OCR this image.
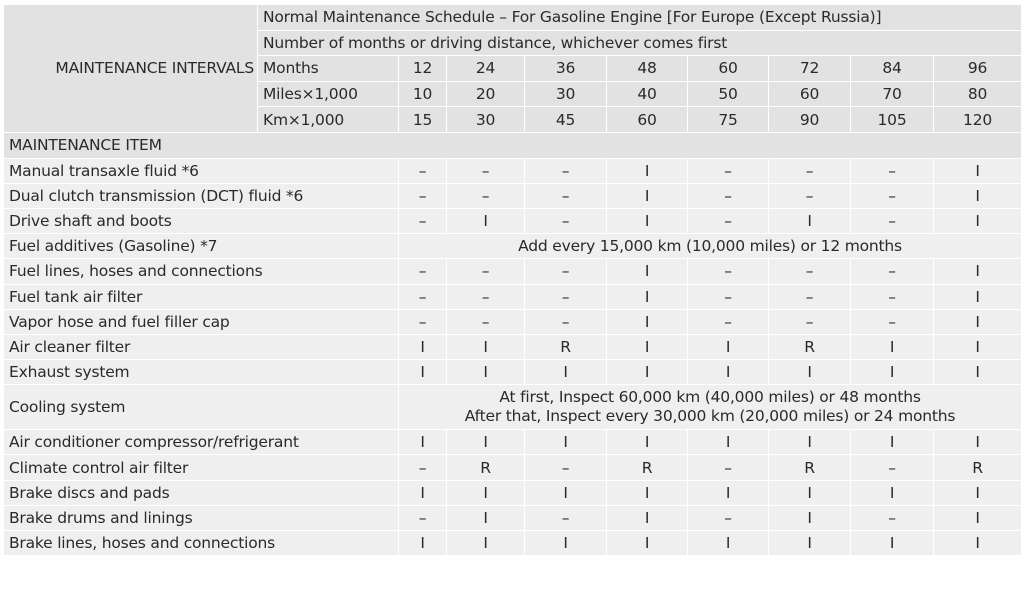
MAINTENANCE INTERVALS	Normal Maintenance Schedule – For Gasoline Engine [For Europe (Except Russia)]								
	Number of months or driving distance, whichever comes first								
	Months	12	24	36	48	60	72	84	96
	Miles×1,000	10	20	30	40	50	60	70	80
	Km×1,000	15	30	45	60	75	90	105	120
MAINTENANCE ITEM									
Manual transaxle fluid *6		–	–	–	I	–	–	–	I
Dual clutch transmission (DCT) fluid *6		–	–	–	I	–	–	–	I
Drive shaft and boots		–	I	–	I	–	I	–	I
Fuel additives (Gasoline) *7		Add every 15,000 km (10,000 miles) or 12 months							
Fuel lines, hoses and connections		–	–	–	I	–	–	–	I
Fuel tank air filter		–	–	–	I	–	–	–	I
Vapor hose and fuel filler cap		–	–	–	I	–	–	–	I
Air cleaner filter		I	I	R	I	I	R	I	I
Exhaust system		I	I	I	I	I	I	I	I
Cooling system		At first, Inspect 60,000 km (40,000 miles) or 48 months
After that, Inspect every 30,000 km (20,000 miles) or 24 months							

Air conditioner compressor/refrigerant		I	I	I	I	I	I	I	I
Climate control air filter		–	R	–	R	–	R	–	R
Brake discs and pads		I	I	I	I	I	I	I	I
Brake drums and linings		–	I	–	I	–	I	–	I
Brake lines, hoses and connections		I	I	I	I	I	I	I	I
